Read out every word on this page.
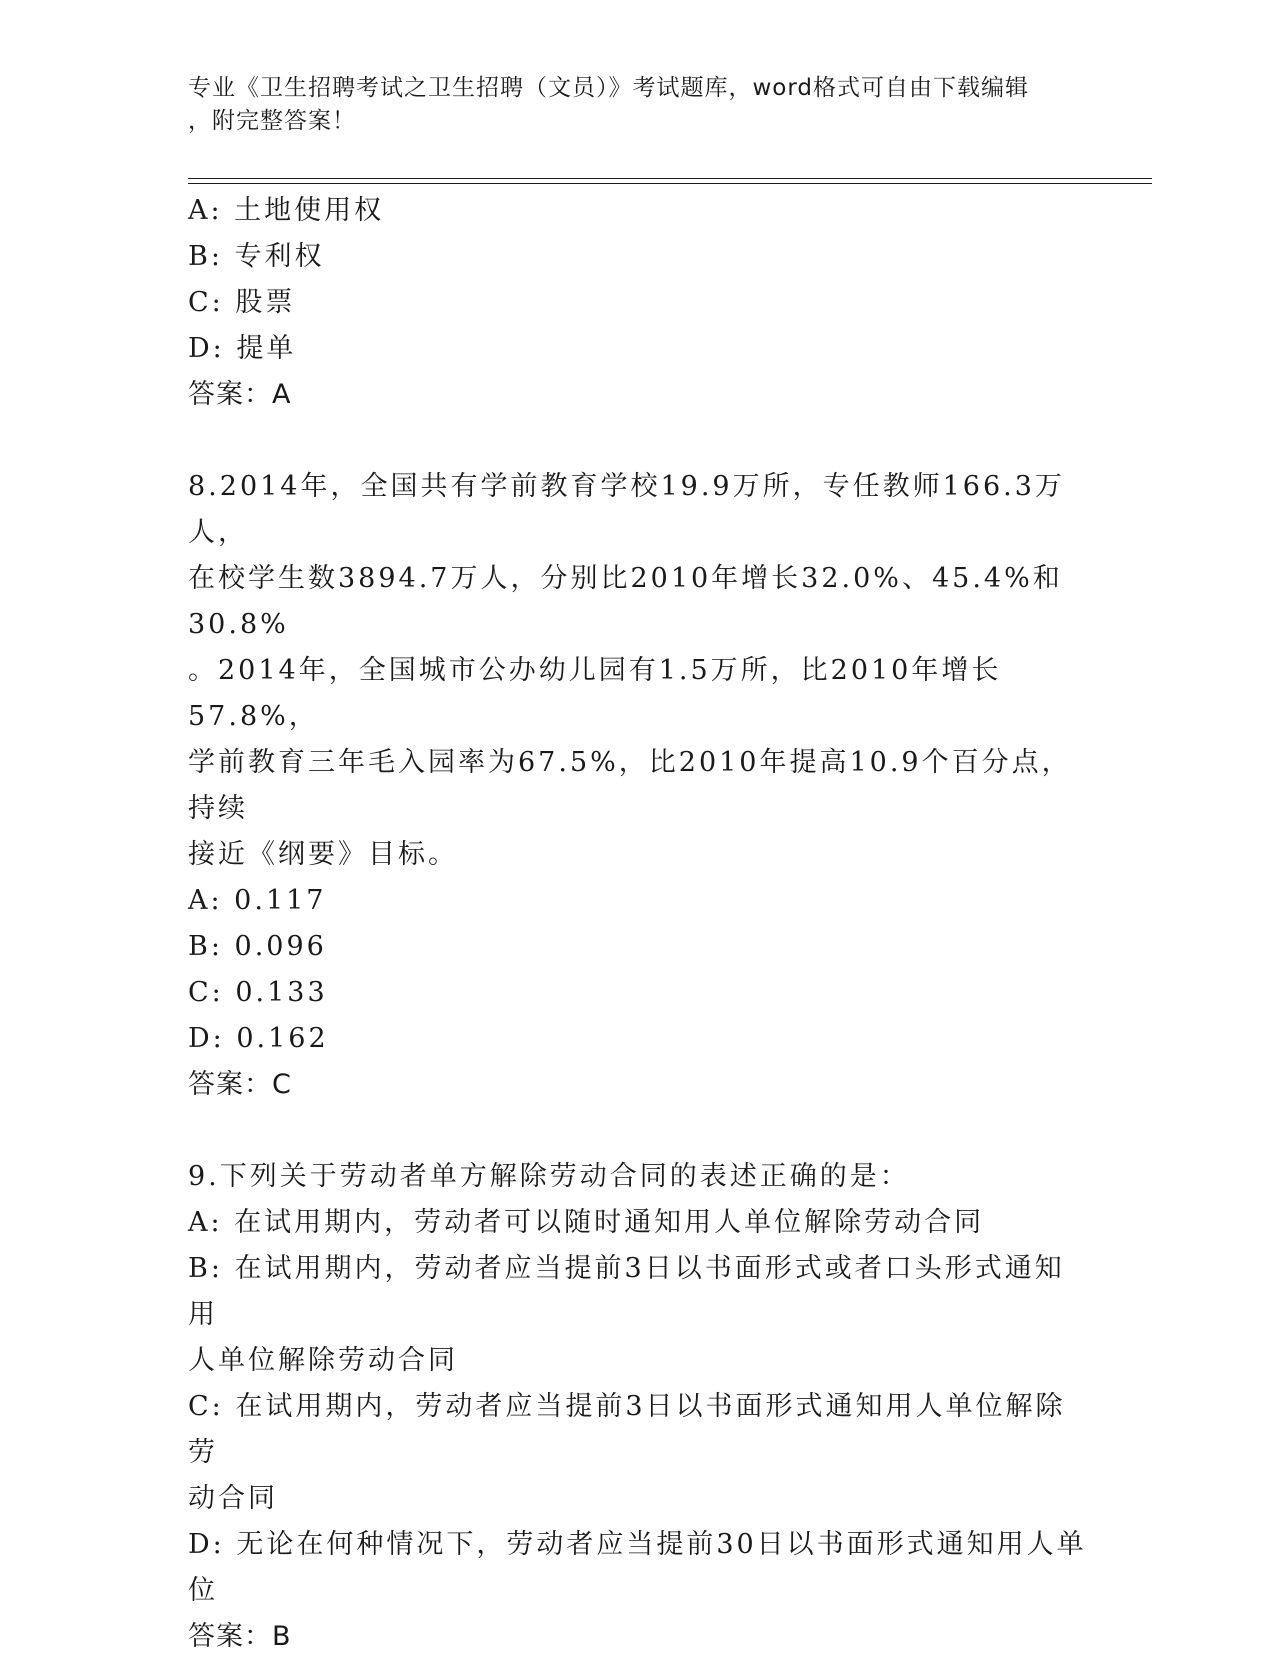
专业《卫生招聘考试之卫生招聘（文员）》考试题库，word格式可自由下载编辑
，附完整答案！
A: 土地使用权
B: 专利权
C: 股票
D: 提单
答案：A
8.2014年，全国共有学前教育学校19.9万所，专任教师166.3万人，
在校学生数3894.7万人，分别比2010年增长32.0%、45.4%和30.8%
。2014年，全国城市公办幼儿园有1.5万所，比2010年增长57.8%，
学前教育三年毛入园率为67.5%，比2010年提高10.9个百分点，持续
接近《纲要》目标。
A: 0.117
B: 0.096
C: 0.133
D: 0.162
答案：C
9.下列关于劳动者单方解除劳动合同的表述正确的是：
A: 在试用期内，劳动者可以随时通知用人单位解除劳动合同
B: 在试用期内，劳动者应当提前3日以书面形式或者口头形式通知用
人单位解除劳动合同
C: 在试用期内，劳动者应当提前3日以书面形式通知用人单位解除劳
动合同
D: 无论在何种情况下，劳动者应当提前30日以书面形式通知用人单
位
答案：B
